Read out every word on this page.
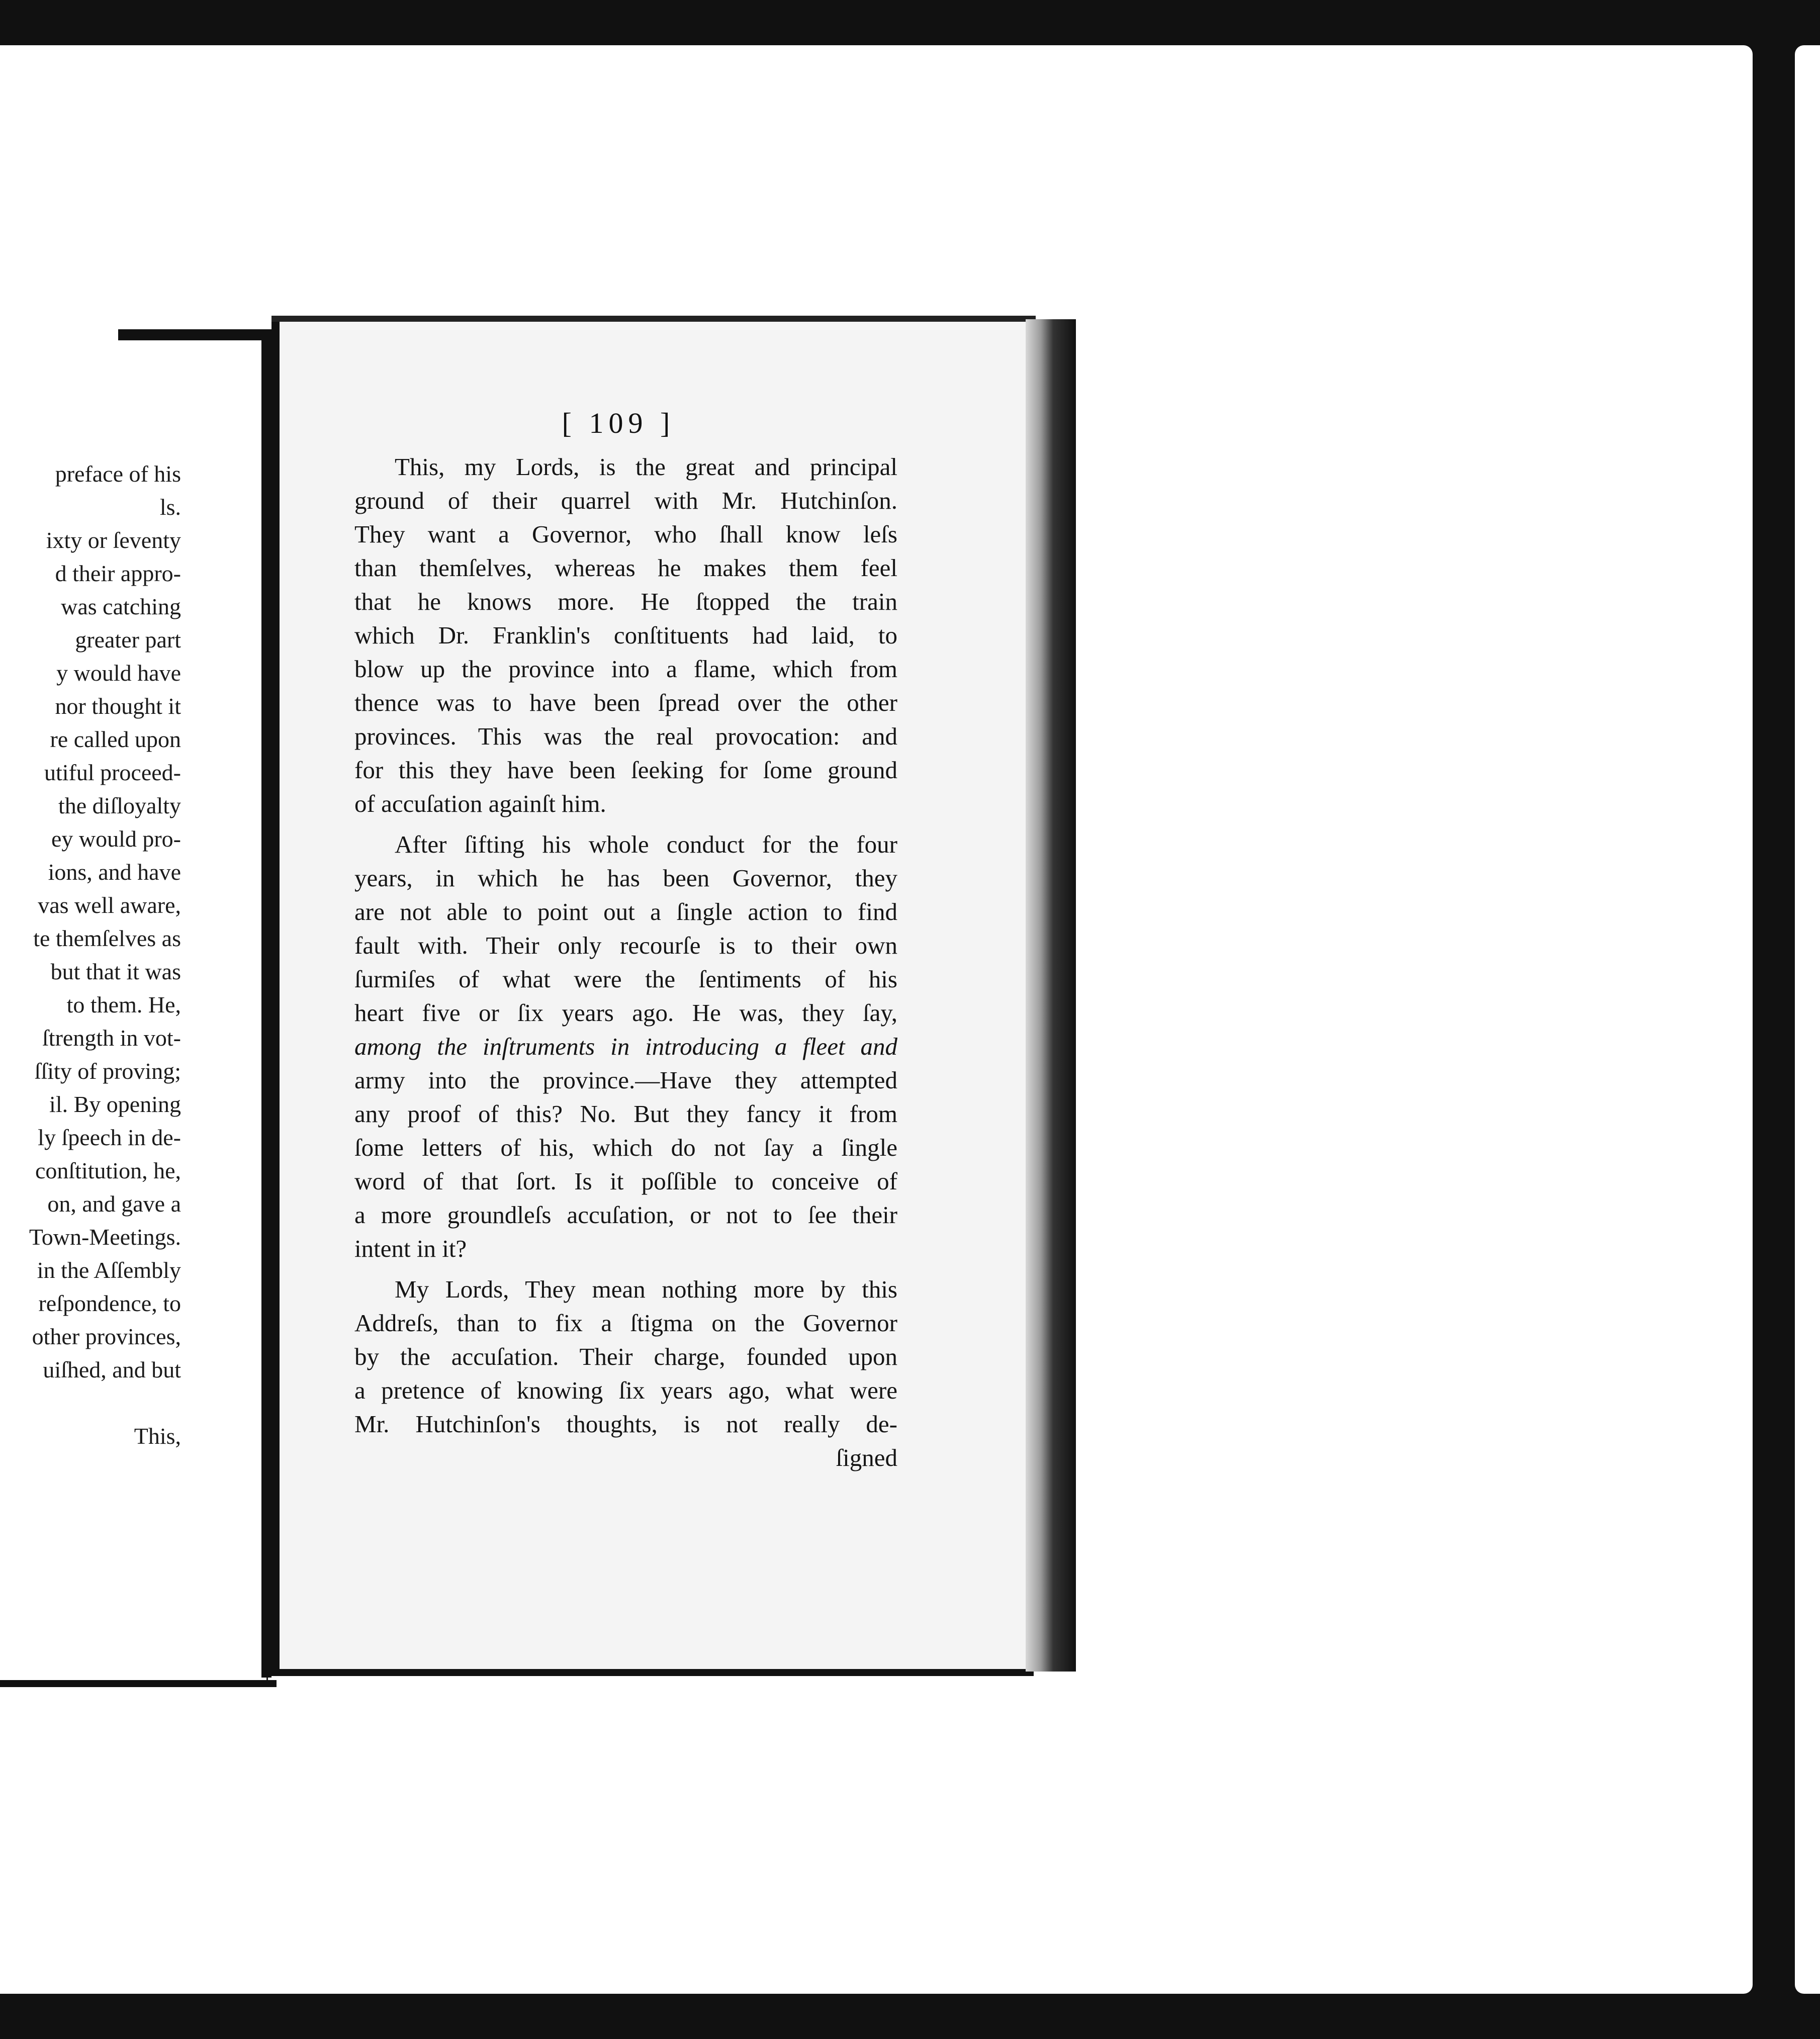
preface of his
ls.
ixty or ſeventy
d their appro-
was catching
greater part
y would have
nor thought it
re called upon
utiful proceed-
the diſloyalty
ey would pro-
ions, and have
vas well aware,
te themſelves as
but that it was
to them. He,
ſtrength in vot-
ſſity of proving;
il. By opening
ly ſpeech in de-
conſtitution, he,
on, and gave a
Town-Meetings.
in the Aſſembly
reſpondence, to
other provinces,
uiſhed, and but

This,
[ 109 ]
This, my Lords, is the great and principal
ground of their quarrel with Mr. Hutchinſon.
They want a Governor, who ſhall know leſs
than themſelves, whereas he makes them feel
that he knows more. He ſtopped the train
which Dr. Franklin's conſtituents had laid, to
blow up the province into a flame, which from
thence was to have been ſpread over the other
provinces. This was the real provocation: and
for this they have been ſeeking for ſome ground
of accuſation againſt him.
After ſifting his whole conduct for the four
years, in which he has been Governor, they
are not able to point out a ſingle action to find
fault with. Their only recourſe is to their own
ſurmiſes of what were the ſentiments of his
heart five or ſix years ago. He was, they ſay,
among the inſtruments in introducing a fleet and
army into the province.—Have they attempted
any proof of this? No. But they fancy it from
ſome letters of his, which do not ſay a ſingle
word of that ſort. Is it poſſible to conceive of
a more groundleſs accuſation, or not to ſee their
intent in it?
My Lords, They mean nothing more by this
Addreſs, than to fix a ſtigma on the Governor
by the accuſation. Their charge, founded upon
a pretence of knowing ſix years ago, what were
Mr. Hutchinſon's thoughts, is not really de-
ſigned
